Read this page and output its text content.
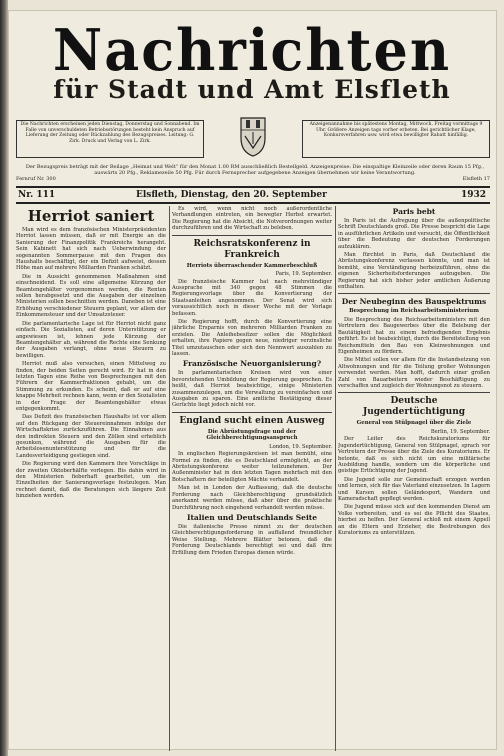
Nachrichten
für Stadt und Amt Elsfleth
Die Nachrichten erscheinen jeden Dienstag, Donnerstag und Sonnabend. Im Falle von unverschuldeten Betriebsstörungen besteht kein Anspruch auf Lieferung der Zeitung oder Rückzahlung des Bezugspreises. Leitung: G. Zirk. Druck und Verlag von L. Zirk.
Anzeigenannahme bis spätestens Montag, Mittwoch, Freitag vormittags 9 Uhr. Größere Anzeigen tags vorher erbeten. Bei gerichtlicher Klage, Konkursverfahren usw. wird etwa bewilligter Rabatt hinfällig.
Der Bezugspreis beträgt mit der Beilage „Heimat und Welt“ für den Monat 1.00 RM ausschließlich Bestellgeld. Anzeigenpreise: Die einspaltige Kleinzeile oder deren Raum 15 Pfg., auswärts 20 Pfg., Reklamezeile 50 Pfg. Für durch Fernsprecher aufgegebene Anzeigen übernehmen wir keine Verantwortung.
Fernruf Nr. 300	Elsfleth 17
Nr. 111	Elsfleth, Dienstag, den 20. September	1932
Herriot saniert

Man wird es dem französischen Ministerpräsidenten Herriot lassen müssen, daß er mit Energie an die Sanierung der Finanzpolitik Frankreichs herangeht. Sein Kabinett hat sich nach Ueberwindung der sogenannten Sommerpause mit den Fragen des Haushalts beschäftigt, der ein Defizit aufweist, dessen Höhe man auf mehrere Milliarden Franken schätzt.

Die in Aussicht genommenen Maßnahmen sind einschneidend. Es soll eine allgemeine Kürzung der Beamtengehälter vorgenommen werden, die Renten sollen herabgesetzt und die Ausgaben der einzelnen Ministerien sollen beschnitten werden. Daneben ist eine Erhöhung verschiedener Steuern geplant, vor allem der Einkommensteuer und der Umsatzsteuer.

Die parlamentarische Lage ist für Herriot nicht ganz einfach. Die Sozialisten, auf deren Unterstützung er angewiesen ist, lehnen jede Kürzung der Beamtengehälter ab, während die Rechte eine Senkung der Ausgaben verlangt, ohne neue Steuern zu bewilligen.

Herriot muß also versuchen, einen Mittelweg zu finden, der beiden Seiten gerecht wird. Er hat in den letzten Tagen eine Reihe von Besprechungen mit den Führern der Kammerfraktionen gehabt, um die Stimmung zu erkunden. Es scheint, daß er auf eine knappe Mehrheit rechnen kann, wenn er den Sozialisten in der Frage der Beamtengehälter etwas entgegenkommt.

Das Defizit des französischen Haushalts ist vor allem auf den Rückgang der Steuereinnahmen infolge der Wirtschaftskrise zurückzuführen. Die Einnahmen aus den indirekten Steuern und den Zöllen sind erheblich gesunken, während die Ausgaben für die Arbeitslosenunterstützung und für die Landesverteidigung gestiegen sind.

Die Regierung wird den Kammern ihre Vorschläge in der zweiten Oktoberhälfte vorlegen. Bis dahin wird in den Ministerien fieberhaft gearbeitet, um die Einzelheiten der Sanierungsvorlage festzulegen. Man rechnet damit, daß die Beratungen sich längere Zeit hinziehen werden.

Es wird, wenn nicht noch außerordentliche Verhandlungen eintreten, ein bewegter Herbst erwartet. Die Regierung hat die Absicht, die Notverordnungen weiter durchzuführen und die Wirtschaft zu beleben.

Reichsratskonferenz in Frankreich
Herriots überraschender Kammerbeschluß
Paris, 19. September.

Die französische Kammer hat nach mehrstündiger Aussprache mit 340 gegen 48 Stimmen die Regierungsvorlage über die Konvertierung der Staatsanleihen angenommen. Der Senat wird sich voraussichtlich noch in dieser Woche mit der Vorlage befassen.

Die Regierung hofft, durch die Konvertierung eine jährliche Ersparnis von mehreren Milliarden Franken zu erzielen. Die Anleihebesitzer sollen die Möglichkeit erhalten, ihre Papiere gegen neue, niedriger verzinsliche Titel umzutauschen oder sich den Nennwert auszahlen zu lassen.

Französische Neuorganisierung?

In parlamentarischen Kreisen wird von einer bevorstehenden Umbildung der Regierung gesprochen. Es heißt, daß Herriot beabsichtige, einige Ministerien zusammenzulegen, um die Verwaltung zu vereinfachen und Ausgaben zu sparen. Eine amtliche Bestätigung dieser Gerüchte liegt jedoch nicht vor.

England sucht einen Ausweg
Die Abrüstungsfrage und der Gleichberechtigungsanspruch
London, 19. September.

In englischen Regierungskreisen ist man bemüht, eine Formel zu finden, die es Deutschland ermöglicht, an der Abrüstungskonferenz weiter teilzunehmen. Der Außenminister hat in den letzten Tagen mehrfach mit den Botschaftern der beteiligten Mächte verhandelt.

Man ist in London der Auffassung, daß die deutsche Forderung nach Gleichberechtigung grundsätzlich anerkannt werden müsse, daß aber über die praktische Durchführung noch eingehend verhandelt werden müsse.

Italien und Deutschlands Seite

Die italienische Presse nimmt zu der deutschen Gleichberechtigungsforderung in auffallend freundlicher Weise Stellung. Mehrere Blätter betonen, daß die Forderung Deutschlands berechtigt sei und daß ihre Erfüllung dem Frieden Europas dienen würde.

Paris bebt

In Paris ist die Aufregung über die außenpolitische Schrift Deutschlands groß. Die Presse bespricht die Lage in ausführlichen Artikeln und versucht, die Öffentlichkeit über die Bedeutung der deutschen Forderungen aufzuklären.

Man fürchtet in Paris, daß Deutschland die Abrüstungskonferenz verlassen könnte, und man ist bemüht, eine Verständigung herbeizuführen, ohne die eigenen Sicherheitsforderungen aufzugeben. Die Regierung hat sich bisher jeder amtlichen Äußerung enthalten.

Der Neubeginn des Bauspektrums
Besprechung im Reichsarbeitsministerium

Die Besprechung des Reichsarbeitsministers mit den Vertretern des Baugewerbes über die Belebung der Bautätigkeit hat zu einem befriedigenden Ergebnis geführt. Es ist beabsichtigt, durch die Bereitstellung von Reichsmitteln den Bau von Kleinwohnungen und Eigenheimen zu fördern.

Die Mittel sollen vor allem für die Instandsetzung von Altwohnungen und für die Teilung großer Wohnungen verwendet werden. Man hofft, dadurch einer großen Zahl von Bauarbeitern wieder Beschäftigung zu verschaffen und zugleich der Wohnungsnot zu steuern.

Deutsche Jugendertüchtigung
General von Stülpnagel über die Ziele
Berlin, 19. September.

Der Leiter des Reichskuratoriums für Jugendertüchtigung, General von Stülpnagel, sprach vor Vertretern der Presse über die Ziele des Kuratoriums. Er betonte, daß es sich nicht um eine militärische Ausbildung handle, sondern um die körperliche und geistige Ertüchtigung der Jugend.

Die Jugend solle zur Gemeinschaft erzogen werden und lernen, sich für das Vaterland einzusetzen. In Lagern und Kursen sollen Geländesport, Wandern und Kameradschaft gepflegt werden.

Die Jugend müsse sich auf den kommenden Dienst am Volke vorbereiten, und es sei die Pflicht des Staates, hierbei zu helfen. Der General schloß mit einem Appell an die Eltern und Erzieher, die Bestrebungen des Kuratoriums zu unterstützen.
